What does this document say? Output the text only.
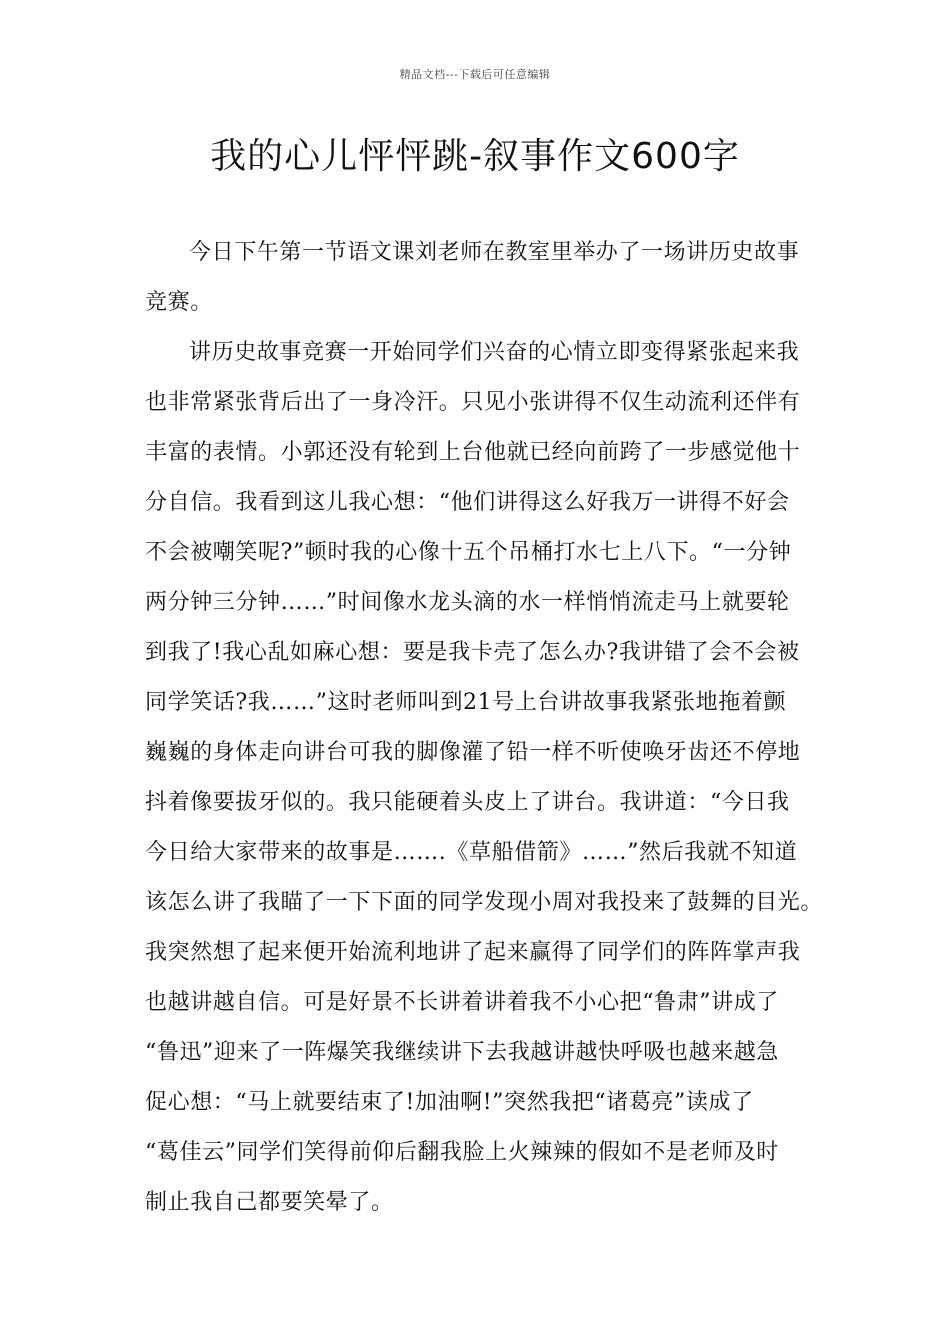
精品文档---下载后可任意编辑
我的心儿怦怦跳-叙事作文600字
今日下午第一节语文课刘老师在教室里举办了一场讲历史故事
竞赛。
讲历史故事竞赛一开始同学们兴奋的心情立即变得紧张起来我
也非常紧张背后出了一身冷汗。只见小张讲得不仅生动流利还伴有
丰富的表情。小郭还没有轮到上台他就已经向前跨了一步感觉他十
分自信。我看到这儿我心想：“他们讲得这么好我万一讲得不好会
不会被嘲笑呢?”顿时我的心像十五个吊桶打水七上八下。“一分钟
两分钟三分钟……”时间像水龙头滴的水一样悄悄流走马上就要轮
到我了!我心乱如麻心想：要是我卡壳了怎么办?我讲错了会不会被
同学笑话?我……”这时老师叫到21号上台讲故事我紧张地拖着颤
巍巍的身体走向讲台可我的脚像灌了铅一样不听使唤牙齿还不停地
抖着像要拔牙似的。我只能硬着头皮上了讲台。我讲道：“今日我
今日给大家带来的故事是…….《草船借箭》……”然后我就不知道
该怎么讲了我瞄了一下下面的同学发现小周对我投来了鼓舞的目光。
我突然想了起来便开始流利地讲了起来赢得了同学们的阵阵掌声我
也越讲越自信。可是好景不长讲着讲着我不小心把“鲁肃”讲成了
“鲁迅”迎来了一阵爆笑我继续讲下去我越讲越快呼吸也越来越急
促心想：“马上就要结束了!加油啊!”突然我把“诸葛亮”读成了
“葛佳云”同学们笑得前仰后翻我脸上火辣辣的假如不是老师及时
制止我自己都要笑晕了。
